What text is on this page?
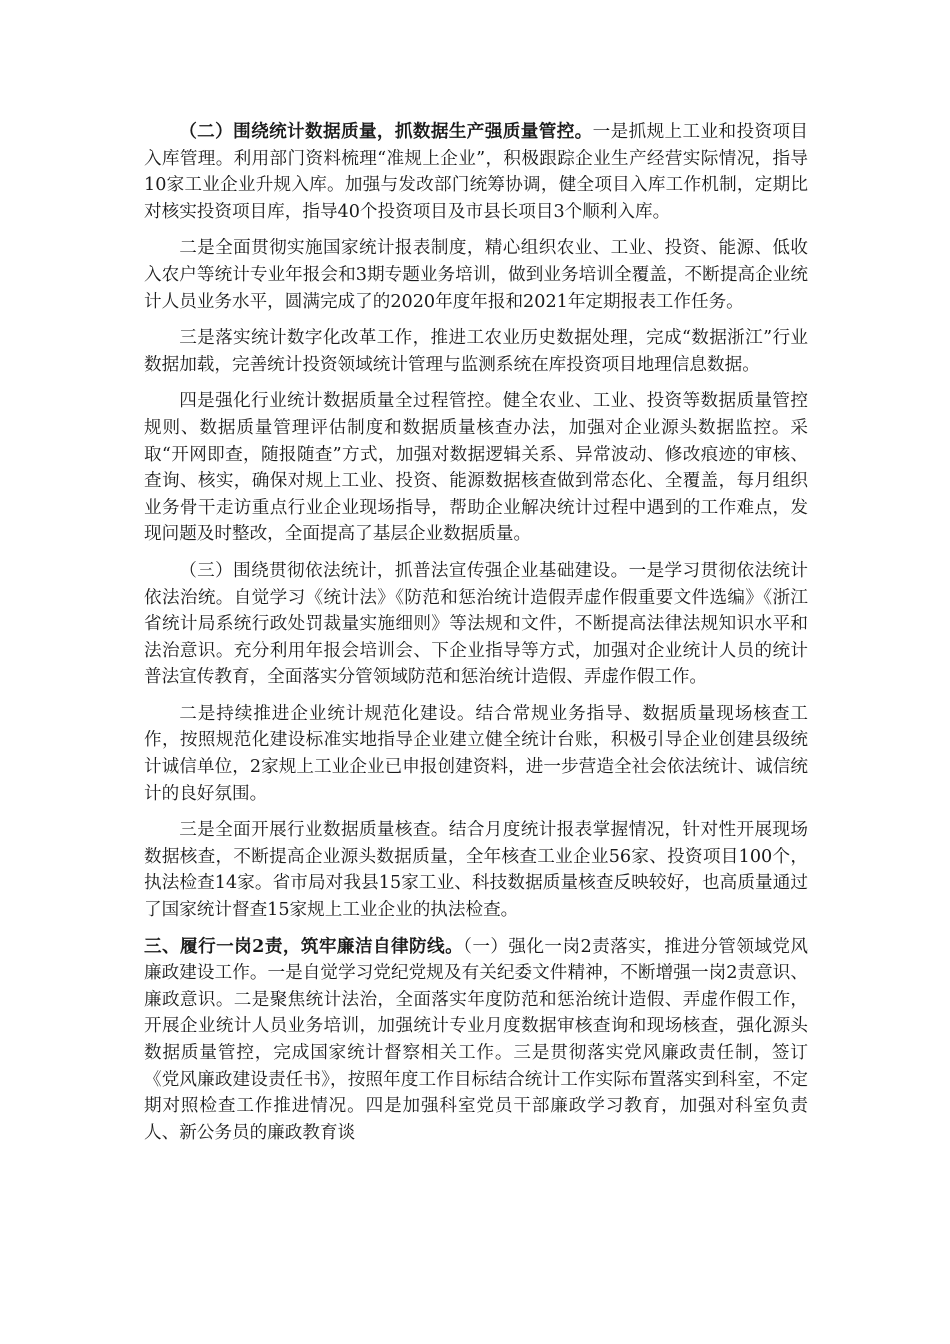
（二）围绕统计数据质量，抓数据生产强质量管控。一是抓规上工业和投资项目入库管理。利用部门资料梳理“准规上企业”，积极跟踪企业生产经营实际情况，指导10家工业企业升规入库。加强与发改部门统筹协调，健全项目入库工作机制，定期比对核实投资项目库，指导40个投资项目及市县长项目3个顺利入库。

二是全面贯彻实施国家统计报表制度，精心组织农业、工业、投资、能源、低收入农户等统计专业年报会和3期专题业务培训，做到业务培训全覆盖，不断提高企业统计人员业务水平，圆满完成了的2020年度年报和2021年定期报表工作任务。

三是落实统计数字化改革工作，推进工农业历史数据处理，完成“数据浙江”行业数据加载，完善统计投资领域统计管理与监测系统在库投资项目地理信息数据。

四是强化行业统计数据质量全过程管控。健全农业、工业、投资等数据质量管控规则、数据质量管理评估制度和数据质量核查办法，加强对企业源头数据监控。采取“开网即查，随报随查”方式，加强对数据逻辑关系、异常波动、修改痕迹的审核、查询、核实，确保对规上工业、投资、能源数据核查做到常态化、全覆盖，每月组织业务骨干走访重点行业企业现场指导，帮助企业解决统计过程中遇到的工作难点，发现问题及时整改，全面提高了基层企业数据质量。

（三）围绕贯彻依法统计，抓普法宣传强企业基础建设。一是学习贯彻依法统计依法治统。自觉学习《统计法》《防范和惩治统计造假弄虚作假重要文件选编》《浙江省统计局系统行政处罚裁量实施细则》等法规和文件，不断提高法律法规知识水平和法治意识。充分利用年报会培训会、下企业指导等方式，加强对企业统计人员的统计普法宣传教育，全面落实分管领域防范和惩治统计造假、弄虚作假工作。

二是持续推进企业统计规范化建设。结合常规业务指导、数据质量现场核查工作，按照规范化建设标准实地指导企业建立健全统计台账，积极引导企业创建县级统计诚信单位，2家规上工业企业已申报创建资料，进一步营造全社会依法统计、诚信统计的良好氛围。

三是全面开展行业数据质量核查。结合月度统计报表掌握情况，针对性开展现场数据核查，不断提高企业源头数据质量，全年核查工业企业56家、投资项目100个，执法检查14家。省市局对我县15家工业、科技数据质量核查反映较好，也高质量通过了国家统计督查15家规上工业企业的执法检查。

三、履行一岗2责，筑牢廉洁自律防线。（一）强化一岗2责落实，推进分管领域党风廉政建设工作。一是自觉学习党纪党规及有关纪委文件精神，不断增强一岗2责意识、廉政意识。二是聚焦统计法治，全面落实年度防范和惩治统计造假、弄虚作假工作，开展企业统计人员业务培训，加强统计专业月度数据审核查询和现场核查，强化源头数据质量管控，完成国家统计督察相关工作。三是贯彻落实党风廉政责任制，签订《党风廉政建设责任书》，按照年度工作目标结合统计工作实际布置落实到科室，不定期对照检查工作推进情况。四是加强科室党员干部廉政学习教育，加强对科室负责人、新公务员的廉政教育谈
